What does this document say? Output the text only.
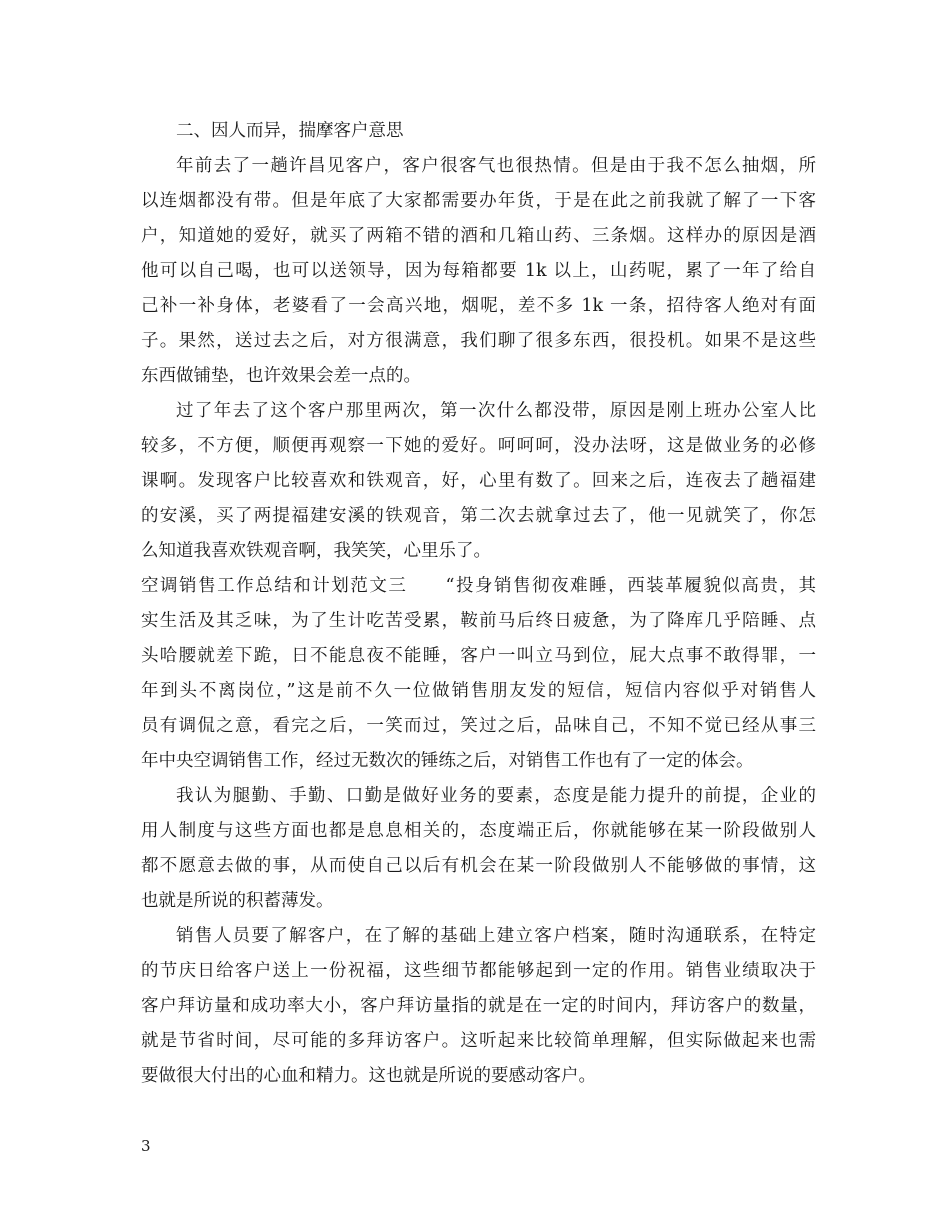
二、因人而异，揣摩客户意思
年前去了一趟许昌见客户，客户很客气也很热情。但是由于我不怎么抽烟，所
以连烟都没有带。但是年底了大家都需要办年货，于是在此之前我就了解了一下客
户，知道她的爱好，就买了两箱不错的酒和几箱山药、三条烟。这样办的原因是酒
他可以自己喝，也可以送领导，因为每箱都要 1k 以上，山药呢，累了一年了给自
己补一补身体，老婆看了一会高兴地，烟呢，差不多 1k 一条，招待客人绝对有面
子。果然，送过去之后，对方很满意，我们聊了很多东西，很投机。如果不是这些
东西做铺垫，也许效果会差一点的。
过了年去了这个客户那里两次，第一次什么都没带，原因是刚上班办公室人比
较多，不方便，顺便再观察一下她的爱好。呵呵呵，没办法呀，这是做业务的必修
课啊。发现客户比较喜欢和铁观音，好，心里有数了。回来之后，连夜去了趟福建
的安溪，买了两提福建安溪的铁观音，第二次去就拿过去了，他一见就笑了，你怎
么知道我喜欢铁观音啊，我笑笑，心里乐了。
空调销售工作总结和计划范文三　　“投身销售彻夜难睡，西装革履貌似高贵，其
实生活及其乏味，为了生计吃苦受累，鞍前马后终日疲惫，为了降库几乎陪睡、点
头哈腰就差下跪，日不能息夜不能睡，客户一叫立马到位，屁大点事不敢得罪，一
年到头不离岗位，”这是前不久一位做销售朋友发的短信，短信内容似乎对销售人
员有调侃之意，看完之后，一笑而过，笑过之后，品味自己，不知不觉已经从事三
年中央空调销售工作，经过无数次的锤练之后，对销售工作也有了一定的体会。
我认为腿勤、手勤、口勤是做好业务的要素，态度是能力提升的前提，企业的
用人制度与这些方面也都是息息相关的，态度端正后，你就能够在某一阶段做别人
都不愿意去做的事，从而使自己以后有机会在某一阶段做别人不能够做的事情，这
也就是所说的积蓄薄发。
销售人员要了解客户，在了解的基础上建立客户档案，随时沟通联系，在特定
的节庆日给客户送上一份祝福，这些细节都能够起到一定的作用。销售业绩取决于
客户拜访量和成功率大小，客户拜访量指的就是在一定的时间内，拜访客户的数量，
就是节省时间，尽可能的多拜访客户。这听起来比较简单理解，但实际做起来也需
要做很大付出的心血和精力。这也就是所说的要感动客户。
3
